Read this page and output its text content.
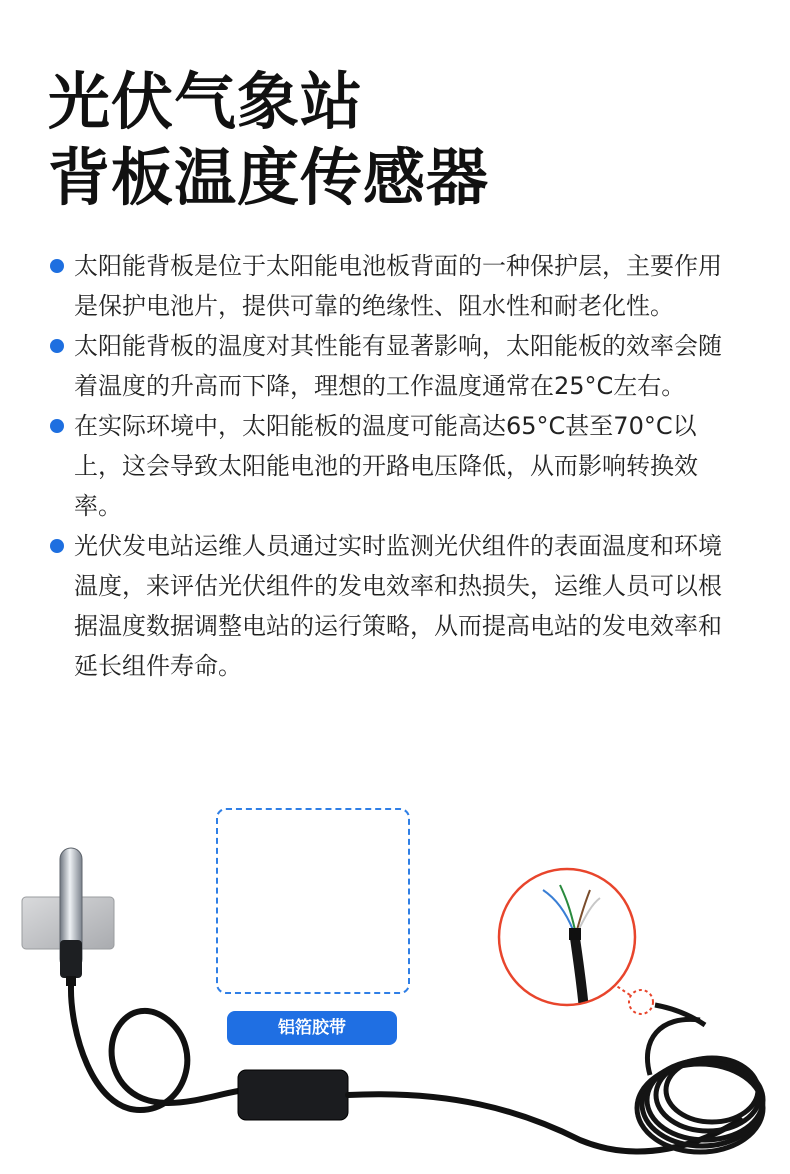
光伏气象站
背板温度传感器
太阳能背板是位于太阳能电池板背面的一种保护层，主要作用是保护电池片，提供可靠的绝缘性、阻水性和耐老化性。
太阳能背板的温度对其性能有显著影响，太阳能板的效率会随着温度的升高而下降，理想的工作温度通常在25°C左右。
在实际环境中，太阳能板的温度可能高达65°C甚至70°C以上，这会导致太阳能电池的开路电压降低，从而影响转换效率。
光伏发电站运维人员通过实时监测光伏组件的表面温度和环境温度，来评估光伏组件的发电效率和热损失，运维人员可以根据温度数据调整电站的运行策略，从而提高电站的发电效率和延长组件寿命。
铝箔胶带
